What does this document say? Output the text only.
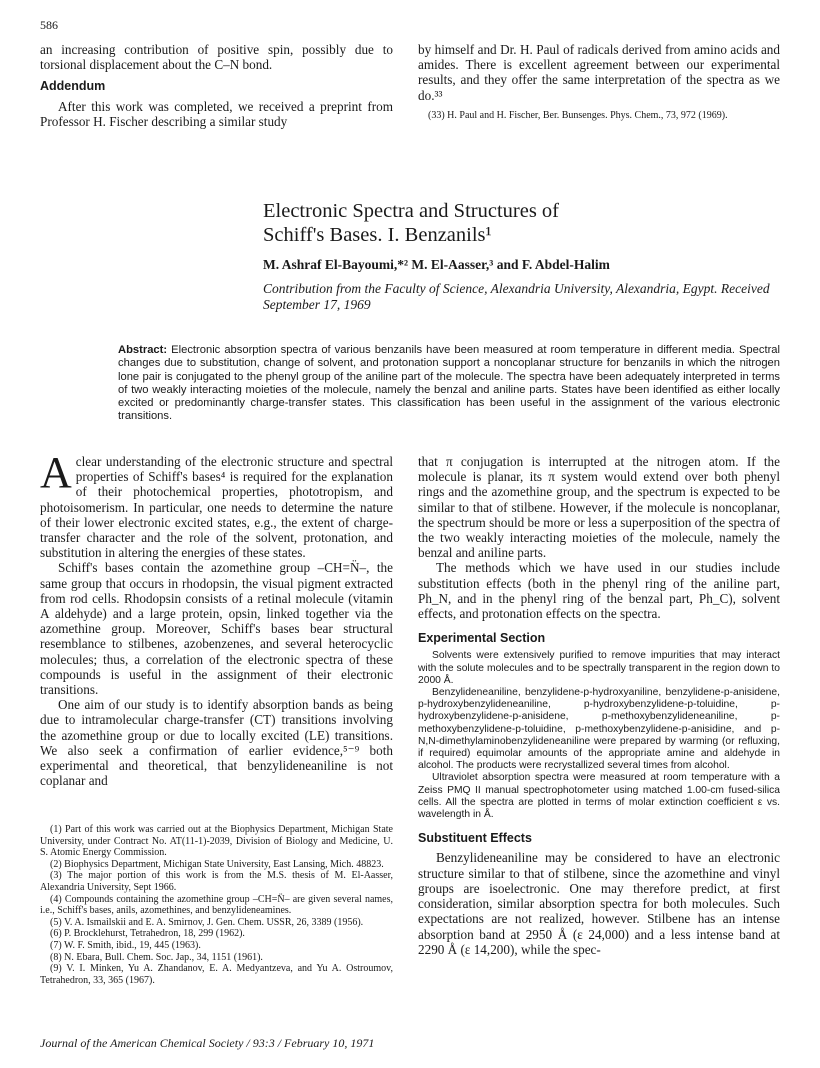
586

an increasing contribution of positive spin, possibly due to torsional displacement about the C–N bond.

Addendum

After this work was completed, we received a preprint from Professor H. Fischer describing a similar study

by himself and Dr. H. Paul of radicals derived from amino acids and amides. There is excellent agreement between our experimental results, and they offer the same interpretation of the spectra as we do.³³

(33) H. Paul and H. Fischer, Ber. Bunsenges. Phys. Chem., 73, 972 (1969).

Electronic Spectra and Structures of
Schiff's Bases. I. Benzanils¹
M. Ashraf El-Bayoumi,*² M. El-Aasser,³ and F. Abdel-Halim
Contribution from the Faculty of Science, Alexandria University, Alexandria, Egypt. Received September 17, 1969
Abstract: Electronic absorption spectra of various benzanils have been measured at room temperature in different media. Spectral changes due to substitution, change of solvent, and protonation support a noncoplanar structure for benzanils in which the nitrogen lone pair is conjugated to the phenyl group of the aniline part of the molecule. The spectra have been adequately interpreted in terms of two weakly interacting moieties of the molecule, namely the benzal and aniline parts. States have been identified as either locally excited or predominantly charge-transfer states. This classification has been useful in the assignment of the various electronic transitions.

Aclear understanding of the electronic structure and spectral properties of Schiff's bases⁴ is required for the explanation of their photochemical properties, phototropism, and photoisomerism. In particular, one needs to determine the nature of their lower electronic excited states, e.g., the extent of charge-transfer character and the role of the solvent, protonation, and substitution in altering the energies of these states.

Schiff's bases contain the azomethine group –CH=N̈–, the same group that occurs in rhodopsin, the visual pigment extracted from rod cells. Rhodopsin consists of a retinal molecule (vitamin A aldehyde) and a large protein, opsin, linked together via the azomethine group. Moreover, Schiff's bases bear structural resemblance to stilbenes, azobenzenes, and several heterocyclic molecules; thus, a correlation of the electronic spectra of these compounds is useful in the assignment of their electronic transitions.

One aim of our study is to identify absorption bands as being due to intramolecular charge-transfer (CT) transitions involving the azomethine group or due to locally excited (LE) transitions. We also seek a confirmation of earlier evidence,⁵⁻⁹ both experimental and theoretical, that benzylideneaniline is not coplanar and

(1) Part of this work was carried out at the Biophysics Department, Michigan State University, under Contract No. AT(11-1)-2039, Division of Biology and Medicine, U. S. Atomic Energy Commission.

(2) Biophysics Department, Michigan State University, East Lansing, Mich. 48823.

(3) The major portion of this work is from the M.S. thesis of M. El-Aasser, Alexandria University, Sept 1966.

(4) Compounds containing the azomethine group –CH=N̈– are given several names, i.e., Schiff's bases, anils, azomethines, and benzylideneamines.

(5) V. A. Ismailskii and E. A. Smirnov, J. Gen. Chem. USSR, 26, 3389 (1956).

(6) P. Brocklehurst, Tetrahedron, 18, 299 (1962).

(7) W. F. Smith, ibid., 19, 445 (1963).

(8) N. Ebara, Bull. Chem. Soc. Jap., 34, 1151 (1961).

(9) V. I. Minken, Yu A. Zhandanov, E. A. Medyantzeva, and Yu A. Ostroumov, Tetrahedron, 33, 365 (1967).

that π conjugation is interrupted at the nitrogen atom. If the molecule is planar, its π system would extend over both phenyl rings and the azomethine group, and the spectrum is expected to be similar to that of stilbene. However, if the molecule is noncoplanar, the spectrum should be more or less a superposition of the spectra of the two weakly interacting moieties of the molecule, namely the benzal and aniline parts.

The methods which we have used in our studies include substitution effects (both in the phenyl ring of the aniline part, Ph_N, and in the phenyl ring of the benzal part, Ph_C), solvent effects, and protonation effects on the spectra.

Experimental Section

Solvents were extensively purified to remove impurities that may interact with the solute molecules and to be spectrally transparent in the region down to 2000 Å.

Benzylideneaniline, benzylidene-p-hydroxyaniline, benzylidene-p-anisidene, p-hydroxybenzylideneaniline, p-hydroxybenzylidene-p-toluidine, p-hydroxybenzylidene-p-anisidene, p-methoxybenzylideneaniline, p-methoxybenzylidene-p-toluidine, p-methoxybenzylidene-p-anisidine, and p-N,N-dimethylaminobenzylideneaniline were prepared by warming (or refluxing, if required) equimolar amounts of the appropriate amine and aldehyde in alcohol. The products were recrystallized several times from alcohol.

Ultraviolet absorption spectra were measured at room temperature with a Zeiss PMQ II manual spectrophotometer using matched 1.00-cm fused-silica cells. All the spectra are plotted in terms of molar extinction coefficient ε vs. wavelength in Å.

Substituent Effects

Benzylideneaniline may be considered to have an electronic structure similar to that of stilbene, since the azomethine and vinyl groups are isoelectronic. One may therefore predict, at first consideration, similar absorption spectra for both molecules. Such expectations are not realized, however. Stilbene has an intense absorption band at 2950 Å (ε 24,000) and a less intense band at 2290 Å (ε 14,200), while the spec-

Journal of the American Chemical Society / 93:3 / February 10, 1971
